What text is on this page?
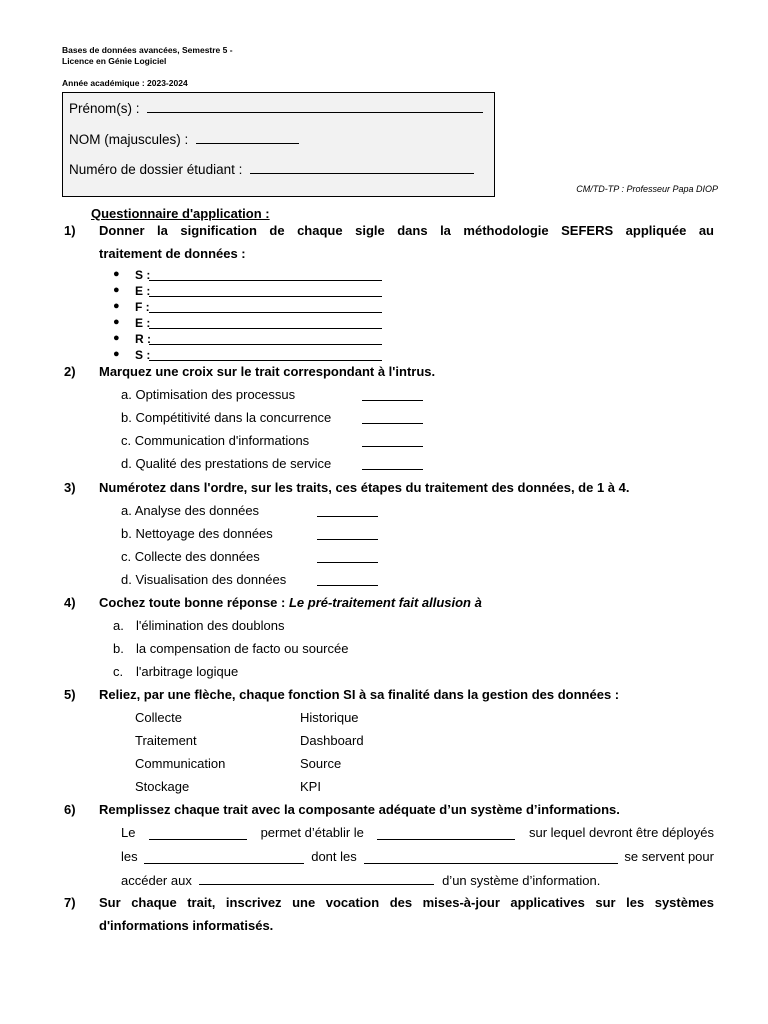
Bases de données avancées, Semestre 5 -
Licence en Génie Logiciel
Année académique : 2023-2024
Prénom(s) :
NOM (majuscules) :
Numéro de dossier étudiant :
CM/TD-TP : Professeur Papa DIOP
Questionnaire d'application :
1) Donner la signification de chaque sigle dans la méthodologie SEFERS appliquée au
traitement de données :
● S :
● E :
● F :
● E :
● R :
● S :
2) Marquez une croix sur le trait correspondant à l'intrus.
a. Optimisation des processus
b. Compétitivité dans la concurrence
c. Communication d'informations
d. Qualité des prestations de service
3) Numérotez dans l'ordre, sur les traits, ces étapes du traitement des données, de 1 à 4.
a. Analyse des données
b. Nettoyage des données
c. Collecte des données
d. Visualisation des données
4) Cochez toute bonne réponse : Le pré-traitement fait allusion à
a. l'élimination des doublons
b. la compensation de facto ou sourcée
c. l'arbitrage logique
5) Reliez, par une flèche, chaque fonction SI à sa finalité dans la gestion des données :
Collecte	Historique
Traitement	Dashboard
Communication	Source
Stockage	KPI
6) Remplissez chaque trait avec la composante adéquate d’un système d’informations.
Le	permet d’établir le	sur lequel devront être déployés
les	dont les	se servent pour
accéder aux	d’un système d’information.
7) Sur chaque trait, inscrivez une vocation des mises-à-jour applicatives sur les systèmes
d'informations informatisés.
